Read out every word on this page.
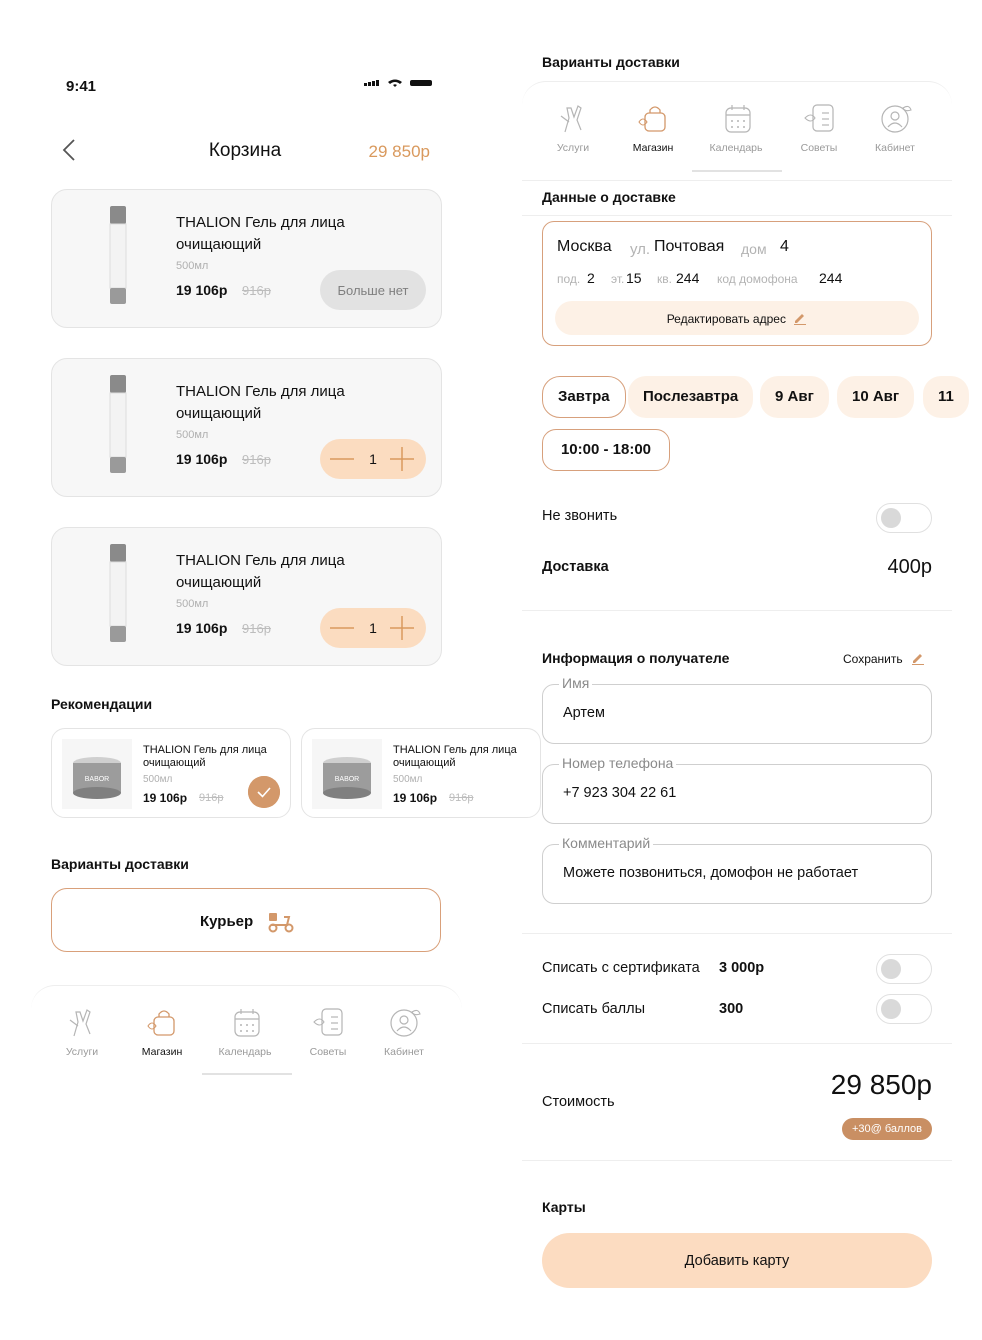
9:41
Корзина	29 850р
THALION Гель для лица очищающий
500мл
19 106р 916р	Больше нет
THALION Гель для лица очищающий
500мл
19 106р 916р	1
THALION Гель для лица очищающий
500мл
19 106р 916р	1
Рекомендации
BABOR
THALION Гель для лица очищающий
500мл
19 106р 916р
BABOR
THALION Гель для лица очищающий
500мл
19 106р 916р
Варианты доставки
Курьер
Услуги	Магазин	Календарь	Советы	Кабинет
Варианты доставки
Услуги	Магазин	Календарь	Советы	Кабинет
Данные о доставке
Москва ул. Почтовая дом 4
под. 2 эт. 15 кв. 244 код домофона 244
Редактировать адрес
Завтра	Послезавтра	9 Авг	10 Авг	11
10:00 - 18:00
Не звонить
Доставка	400р
Информация о получателе	Сохранить
Имя
Артем
Номер телефона
+7 923 304 22 61
Комментарий
Можете позвониться, домофон не работает
Списать с сертификата 3 000р
Списать баллы	300
Стоимость
29 850р
+30@ баллов
Карты
Добавить карту
